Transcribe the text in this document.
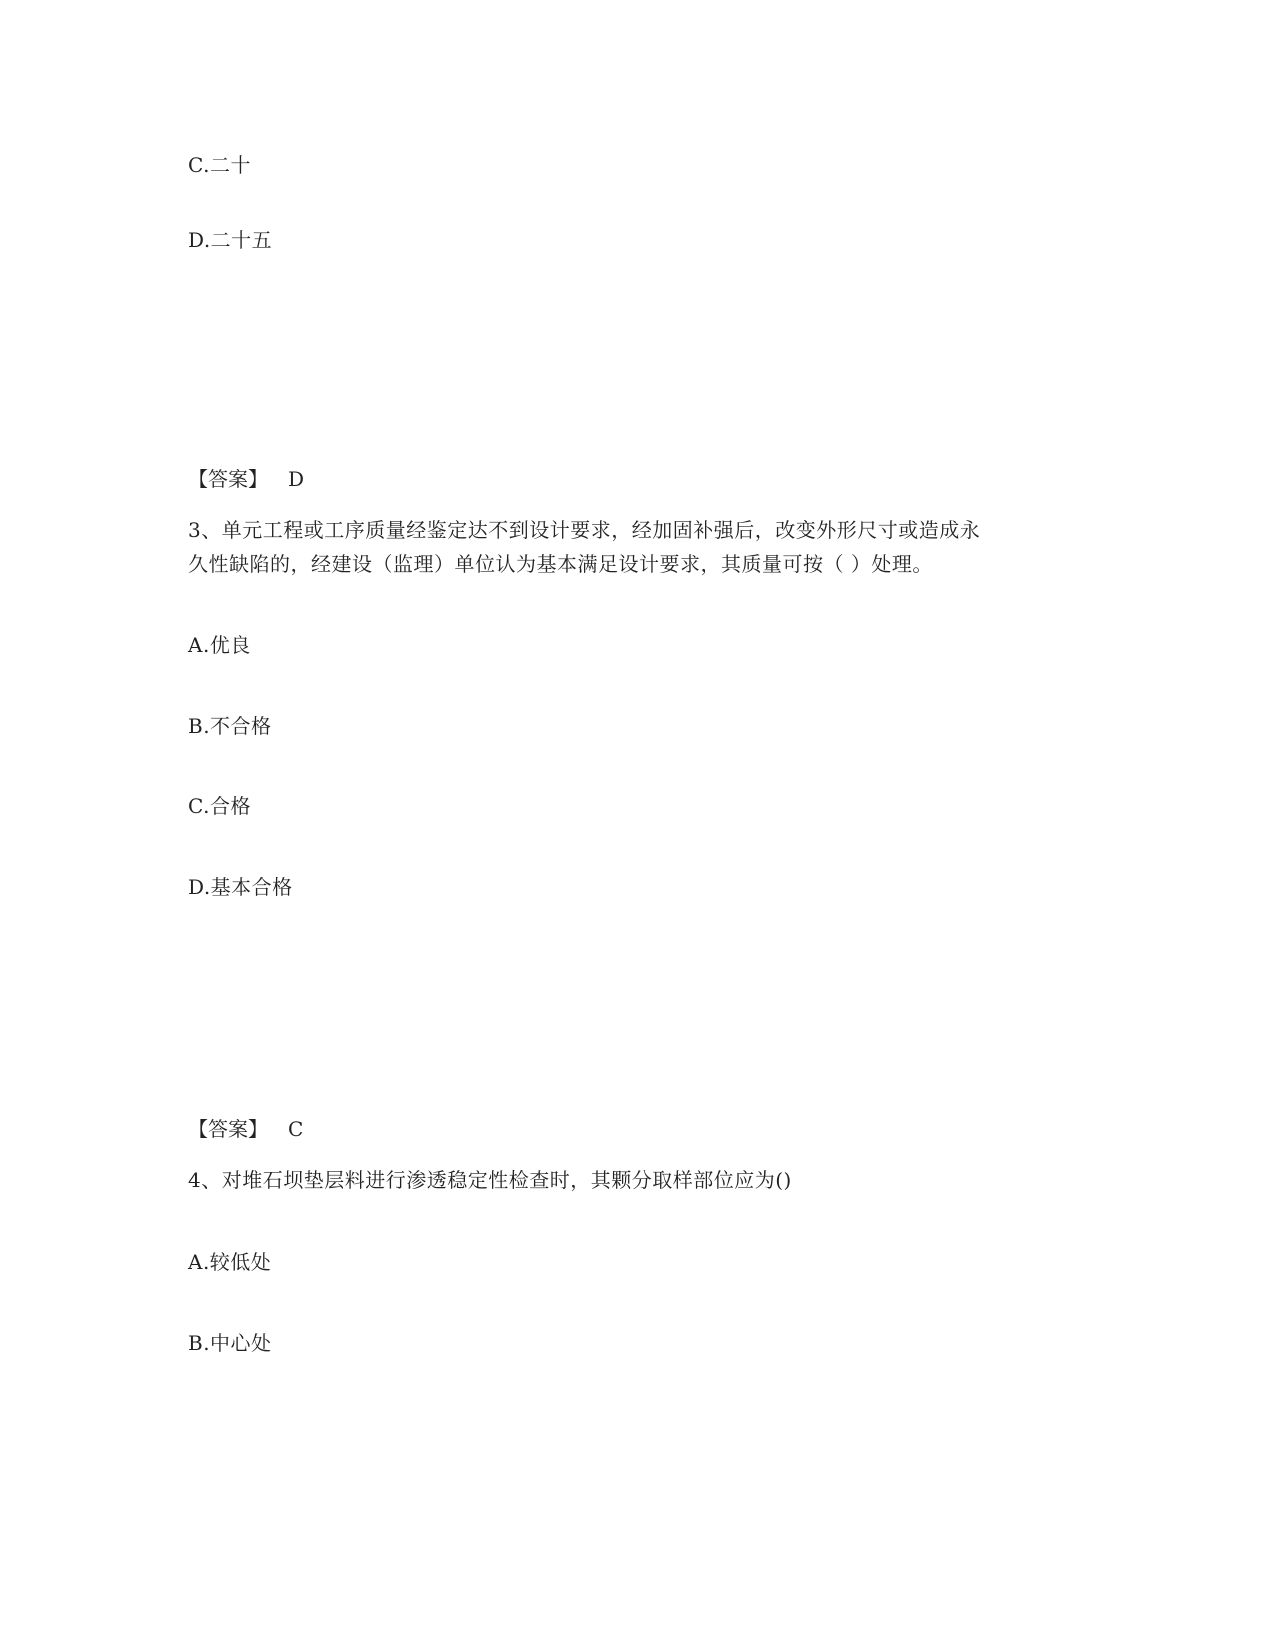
C.二十
D.二十五
【答案】 D
3、单元工程或工序质量经鉴定达不到设计要求，经加固补强后，改变外形尺寸或造成永
久性缺陷的，经建设（监理）单位认为基本满足设计要求，其质量可按（ ）处理。
A.优良
B.不合格
C.合格
D.基本合格
【答案】 C
4、对堆石坝垫层料进行渗透稳定性检查时，其颗分取样部位应为()
A.较低处
B.中心处
